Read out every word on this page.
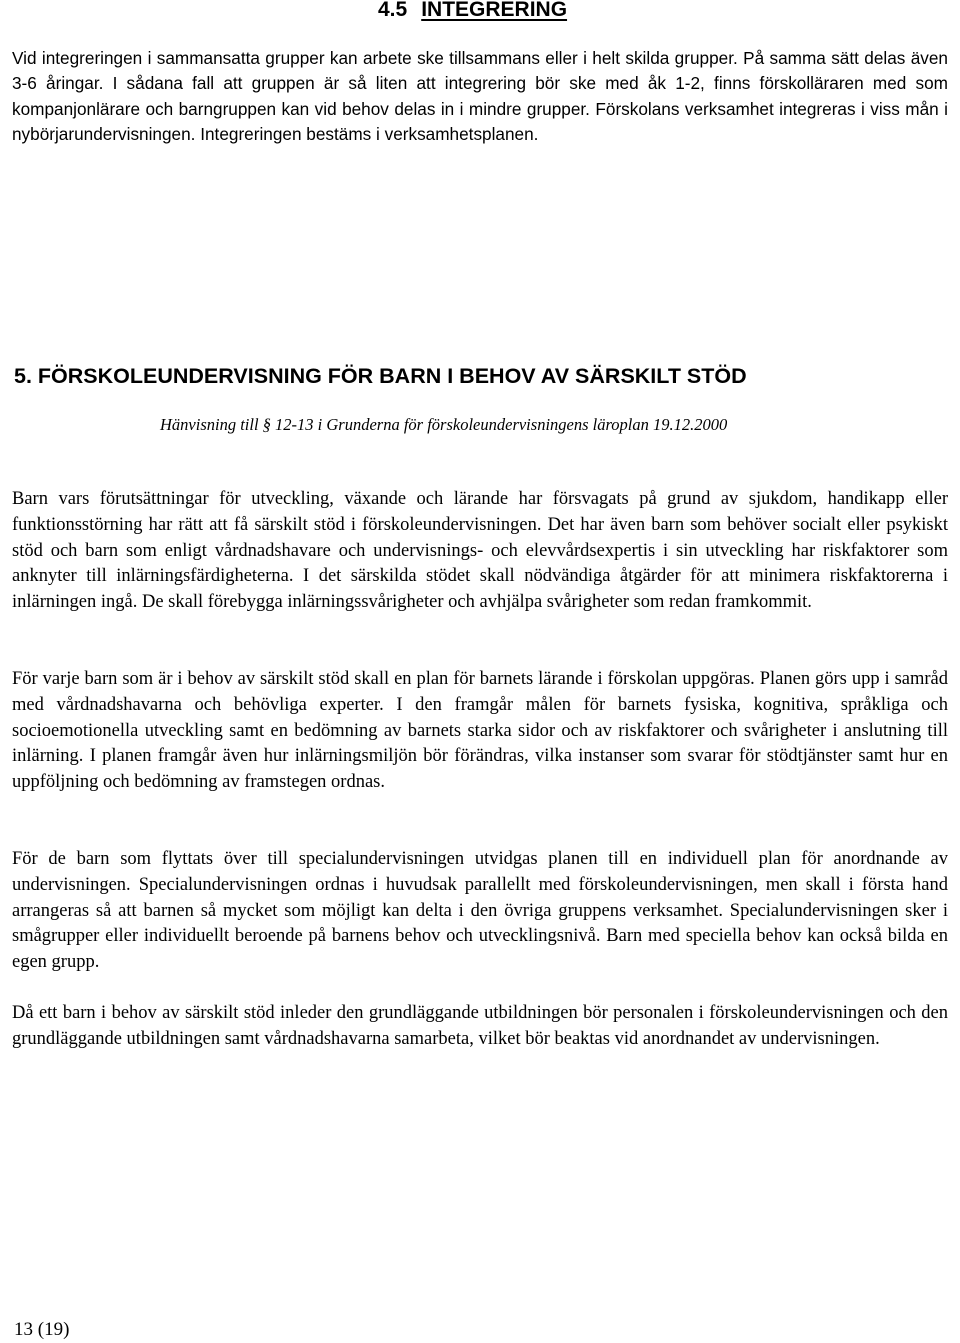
4.5 INTEGRERING

Vid integreringen i sammansatta grupper kan arbete ske tillsammans eller i helt skilda grupper. På samma sätt delas även 3-6 åringar. I sådana fall att gruppen är så liten att integrering bör ske med åk 1-2, finns förskolläraren med som kompanjonlärare och barngruppen kan vid behov delas in i mindre grupper. Förskolans verksamhet integreras i viss mån i nybörjarundervisningen. Integreringen bestäms i verksamhetsplanen.

5. FÖRSKOLEUNDERVISNING FÖR BARN I BEHOV AV SÄRSKILT STÖD
Hänvisning till § 12-13 i Grunderna för förskoleundervisningens läroplan 19.12.2000

Barn vars förutsättningar för utveckling, växande och lärande har försvagats på grund av sjukdom, handikapp eller funktionsstörning har rätt att få särskilt stöd i förskoleundervisningen. Det har även barn som behöver socialt eller psykiskt stöd och barn som enligt vårdnadshavare och undervisnings- och elevvårdsexpertis i sin utveckling har riskfaktorer som anknyter till inlärningsfärdigheterna. I det särskilda stödet skall nödvändiga åtgärder för att minimera riskfaktorerna i inlärningen ingå. De skall förebygga inlärningssvårigheter och avhjälpa svårigheter som redan framkommit.

För varje barn som är i behov av särskilt stöd skall en plan för barnets lärande i förskolan uppgöras. Planen görs upp i samråd med vårdnadshavarna och behövliga experter. I den framgår målen för barnets fysiska, kognitiva, språkliga och socioemotionella utveckling samt en bedömning av barnets starka sidor och av riskfaktorer och svårigheter i anslutning till inlärning. I planen framgår även hur inlärningsmiljön bör förändras, vilka instanser som svarar för stödtjänster samt hur en uppföljning och bedömning av framstegen ordnas.

För de barn som flyttats över till specialundervisningen utvidgas planen till en individuell plan för anordnande av undervisningen. Specialundervisningen ordnas i huvudsak parallellt med förskoleundervisningen, men skall i första hand arrangeras så att barnen så mycket som möjligt kan delta i den övriga gruppens verksamhet. Specialundervisningen sker i smågrupper eller individuellt beroende på barnens behov och utvecklingsnivå. Barn med speciella behov kan också bilda en egen grupp.

Då ett barn i behov av särskilt stöd inleder den grundläggande utbildningen bör personalen i förskoleundervisningen och den grundläggande utbildningen samt vårdnadshavarna samarbeta, vilket bör beaktas vid anordnandet av undervisningen.

13 (19)
